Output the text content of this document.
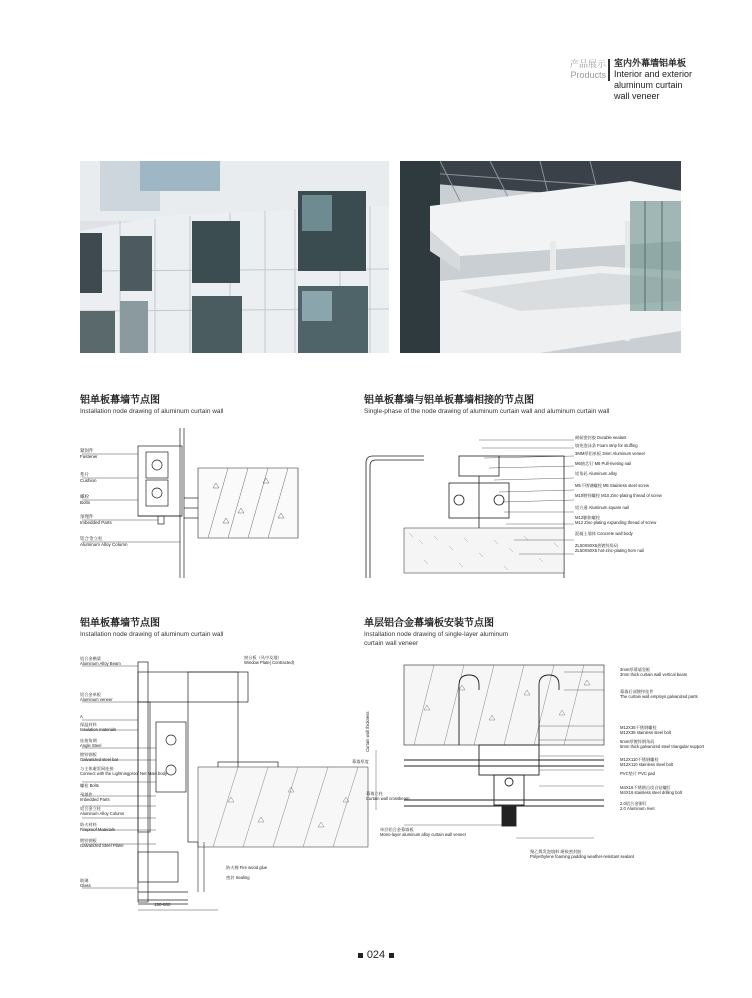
产品展示
Products
室内外幕墙铝单板
Interior and exterior
aluminum curtain
wall veneer
铝单板幕墙节点图
Installation node drawing of aluminum curtain wall
铝单板幕墙与铝单板幕墙相接的节点图
Single-phase of the node drawing of aluminum curtain wall and aluminum curtain wall
铝单板幕墙节点图
Installation node drawing of aluminum curtain wall
单层铝合金幕墙板安装节点图
Installation node drawing of single-layer aluminum
curtain wall veneer
紧固件
Fastener
垫片
Cushion
螺栓
Bolts
预埋件
Imbedded Parts
铝合金立柱
Aluminum Alloy Column
耐候密封胶 Durable sealant
填充泡沫条 Foam strip for stuffing
3MM厚铝单板 3mm Aluminum veneer
M6抽芯钉 M6 Pull-riveting nail
铝角码 Aluminum alloy
M5不锈钢螺栓 M5 Stainless steel screw
M10镀锌螺栓 M10 Zinc-plating thread of screw
铝方通 Aluminum square nail
M12膨胀螺栓
M12 Zinc-plating expanding thread of screw
混凝土墙体 Concrete wall body
ZL50X50X5热镀锌角码
ZL50X50X5 hot-zinc-plating horn nail
铝合金横梁
Aluminum Alloy Beam
铝合金单板
Aluminum veneer
A
保温材料
Insulation materials
连接角钢
Angle Steel
镀锌钢板
Galvanized steel bar
与主体避雷网连接
Connect with the Lightningproof Net Main body
螺栓 Bolts
预埋件
Imbedded Parts
铝合金立柱
Aluminum Alloy Column
防火材料
Fireproof Materials
镀锌钢板
Galvanized Steel Plane
玻璃
Glass
窗台板（风中及地）
Window Plate( Contracted)
防火棉 Fire wood glue
密封 Sealing
150-800
3mm厚幕墙竖框
3mm thick curtain wall vertical beam
幕墙后部镀锌挂件
The curtain wall employs galvanized parts
M12X35不锈钢螺栓
M12X35 stainless steel bolt
5mm厚镀锌钢角码
5mm thick galvanized steel triangular support
M12X110不锈钢螺栓
M12X110 stainless steel bolt
PVC垫片 PVC pad
M4X16不锈钢自攻自钻螺钉
M4X16 stainless steel drilling bolt
2.0铝合金铆钉
2.0 Aluminum rivet
单层铝合金幕墙板
Mono-layer aluminum alloy curtain wall veneer
聚乙烯发泡填料 耐候密封胶
Polyethylene foaming padding weather-resistant sealant
幕墙厚度
Curtain wall thickness
幕墙立柱
Curtain wall crossbeam
024
